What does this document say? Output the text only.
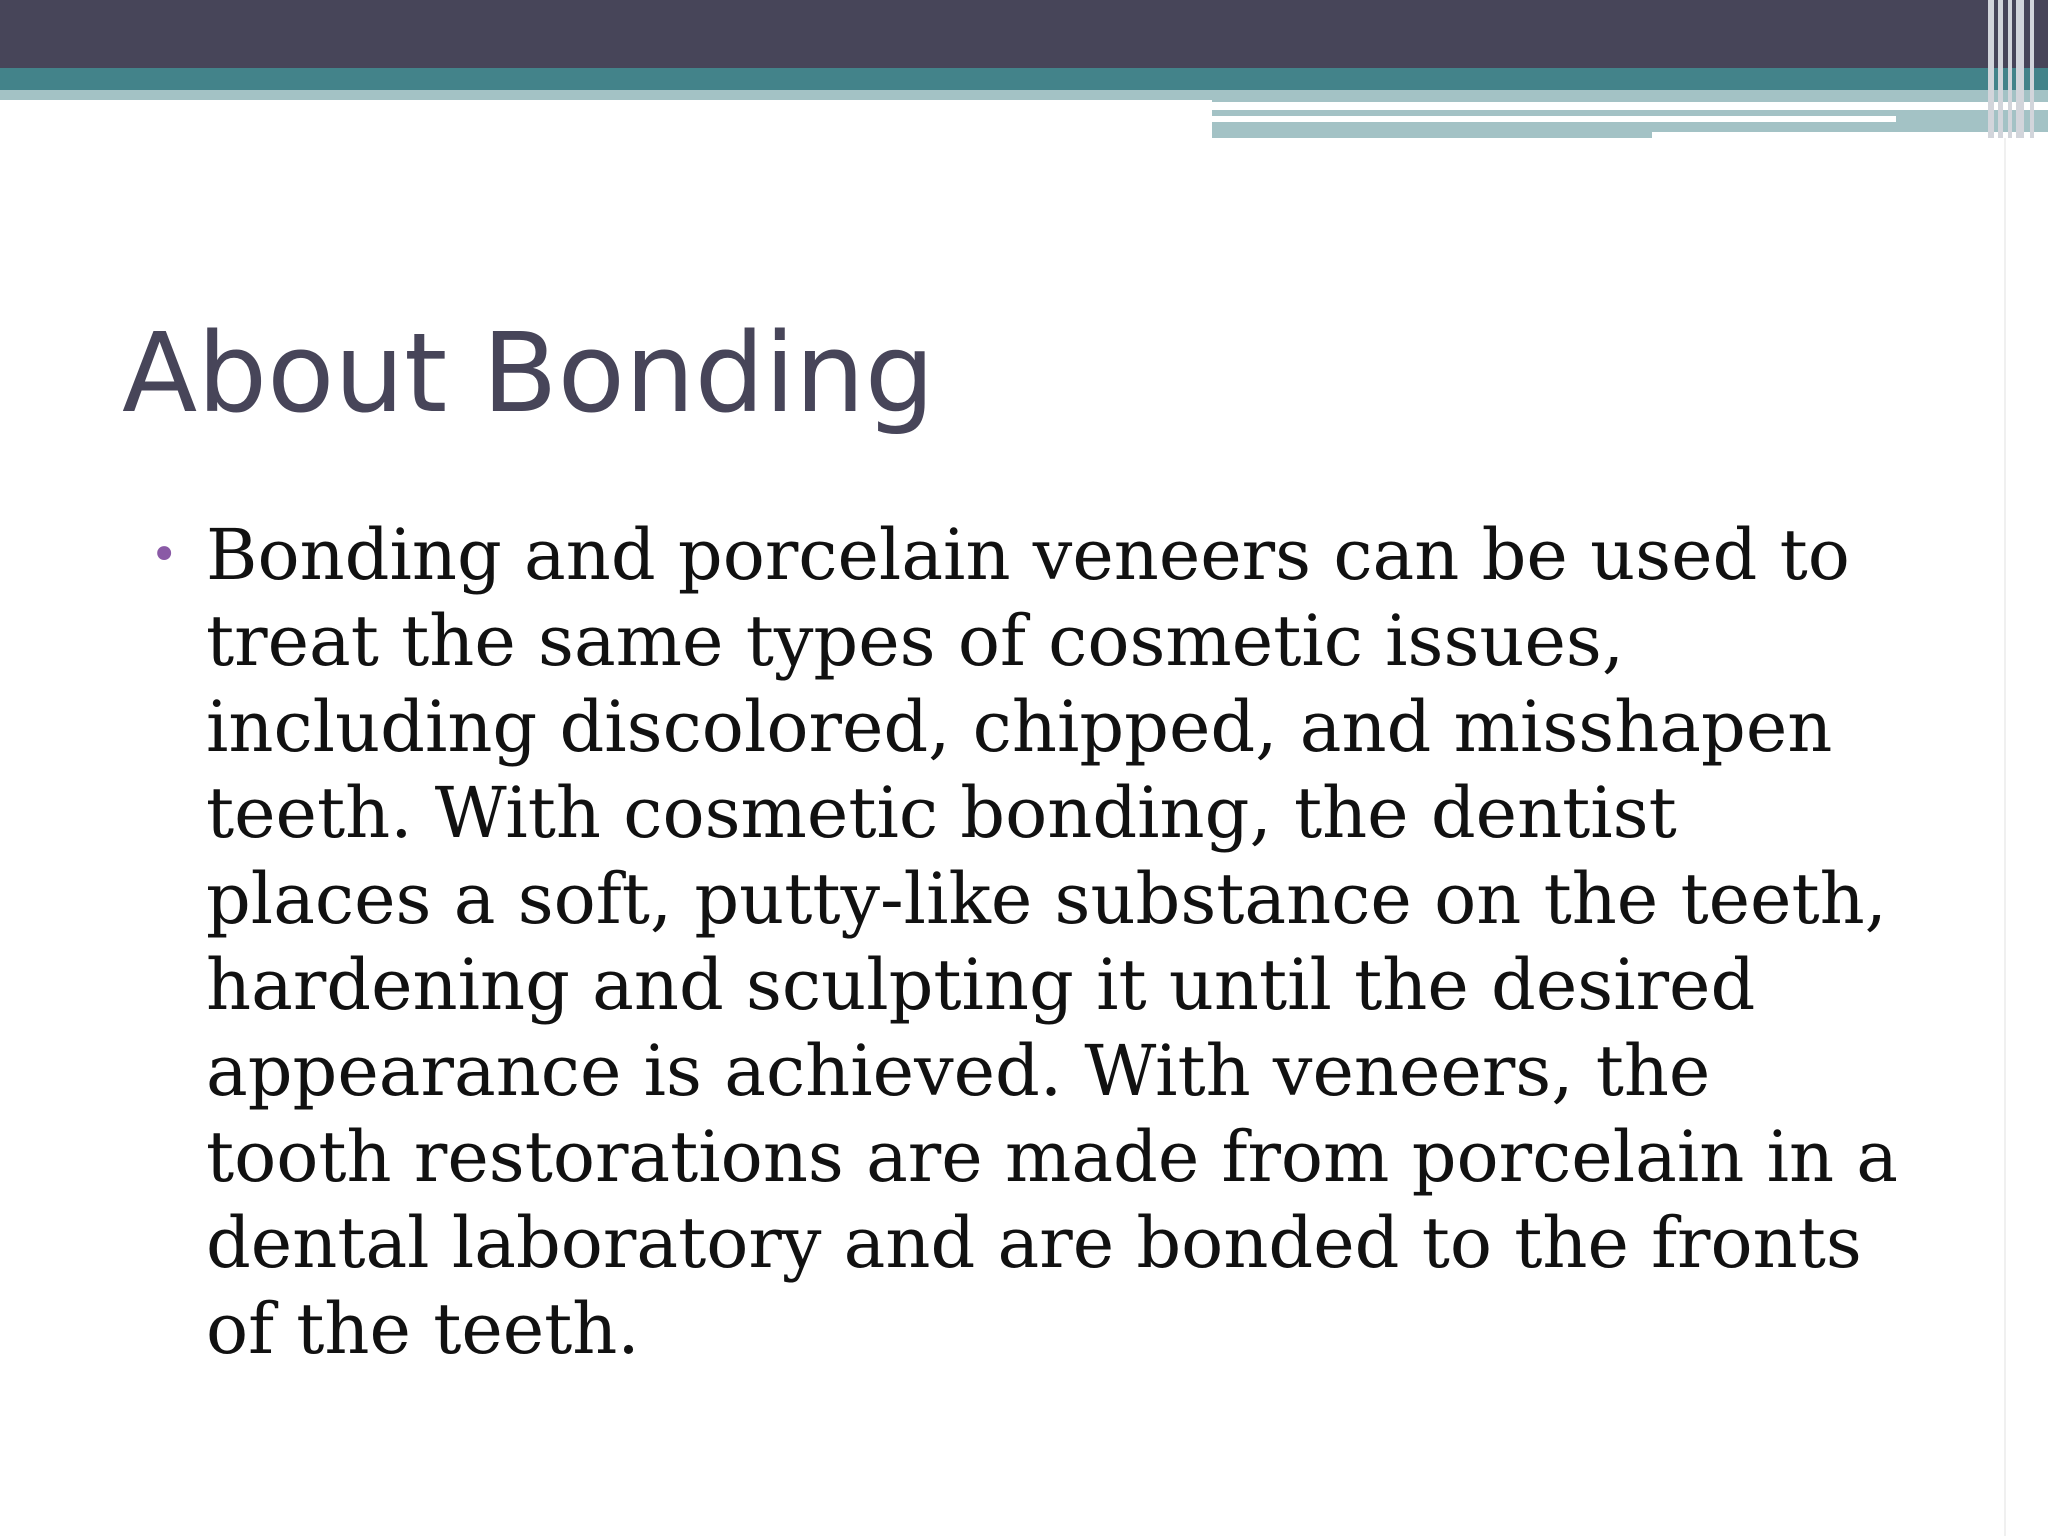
About Bonding
• Bonding and porcelain veneers can be used to treat the same types of cosmetic issues, including discolored, chipped, and misshapen teeth. With cosmetic bonding, the dentist places a soft, putty-like substance on the teeth, hardening and sculpting it until the desired appearance is achieved. With veneers, the tooth restorations are made from porcelain in a dental laboratory and are bonded to the fronts of the teeth.
